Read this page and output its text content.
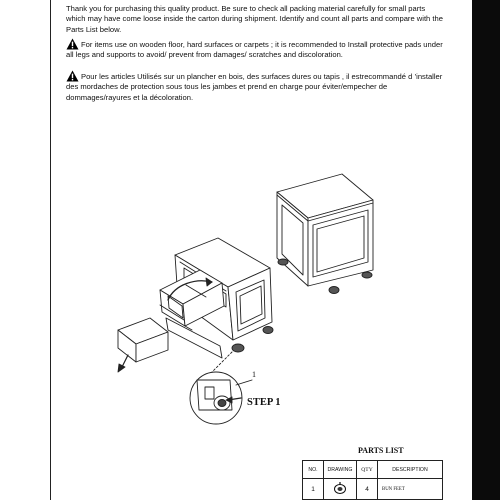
Thank you for purchasing this quality product. Be sure to check all packing material carefully for small parts which may have come loose inside the carton during shipment. Identify and count all parts and compare with the Parts List below.

For items use on wooden floor, hard surfaces or carpets ; it is recommended to Install protective pads under all legs and supports to avoid/ prevent from damages/ scratches and discoloration.

Pour les articles Utilisés sur un plancher en bois, des surfaces dures ou tapis , il estrecommandé d ’installer des mordaches de protection sous tous les jambes et prend en charge pour éviter/empecher de dommages/rayures et la décoloration.

1
STEP 1
PARTS LIST
NO.	DRAWING	QTY	DESCRIPTION
1		4	BUN FEET
